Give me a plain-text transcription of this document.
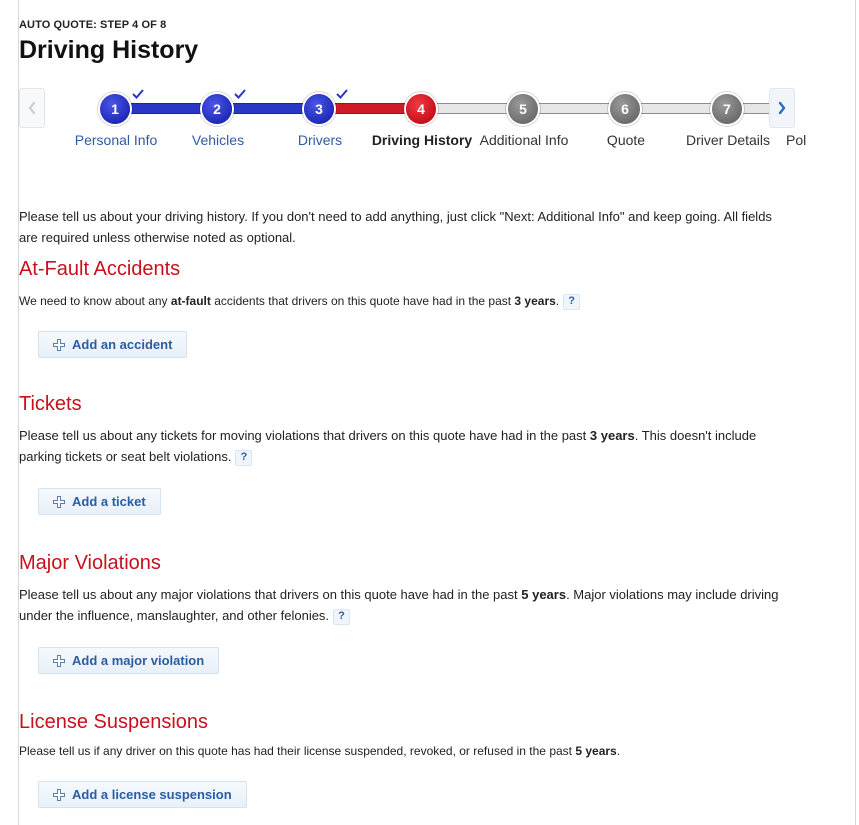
AUTO QUOTE: STEP 4 OF 8
Driving History
1	2	3	4	5	6	7
Personal Info Vehicles	Drivers Driving History Additional Info	Quote	Driver Details Pol

Please tell us about your driving history. If you don't need to add anything, just click "Next: Additional Info" and keep going. All fields are required unless otherwise noted as optional.

At-Fault Accidents

We need to know about any at-fault accidents that drivers on this quote have had in the past 3 years. ?

Add an accident
Tickets

Please tell us about any tickets for moving violations that drivers on this quote have had in the past 3 years. This doesn't include parking tickets or seat belt violations. ?

Add a ticket
Major Violations

Please tell us about any major violations that drivers on this quote have had in the past 5 years. Major violations may include driving under the influence, manslaughter, and other felonies. ?

Add a major violation
License Suspensions

Please tell us if any driver on this quote has had their license suspended, revoked, or refused in the past 5 years.

Add a license suspension
